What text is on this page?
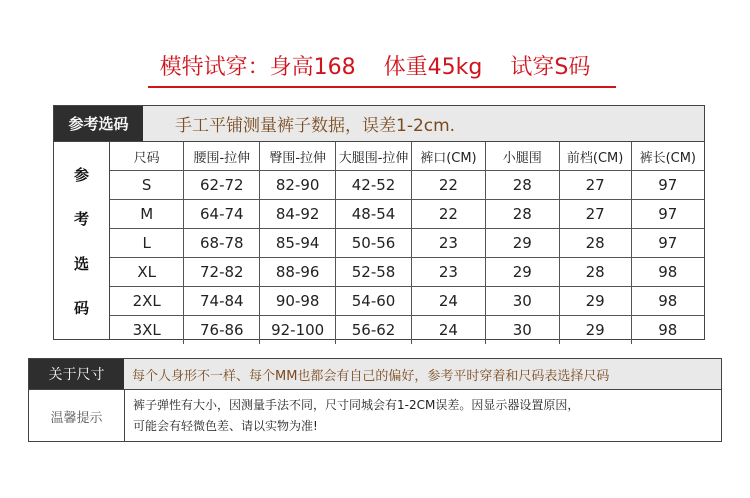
模特试穿：身高168 体重45kg 试穿S码
参考选码	手工平铺测量裤子数据，误差1-2cm.
参
考
选
码
尺码	腰围-拉伸	臀围-拉伸	大腿围-拉伸	裤口(CM)	小腿围	前档(CM)	裤长(CM)
S	62-72	82-90	42-52	22	28	27	97
M	64-74	84-92	48-54	22	28	27	97
L	68-78	85-94	50-56	23	29	28	97
XL	72-82	88-96	52-58	23	29	28	98
2XL	74-84	90-98	54-60	24	30	29	98
3XL	76-86	92-100	56-62	24	30	29	98
关于尺寸	每个人身形不一样、每个MM也都会有自己的偏好，参考平时穿着和尺码表选择尺码
温馨提示
裤子弹性有大小，因测量手法不同，尺寸同城会有1-2CM误差。因显示器设置原因，
可能会有轻微色差、请以实物为准!
